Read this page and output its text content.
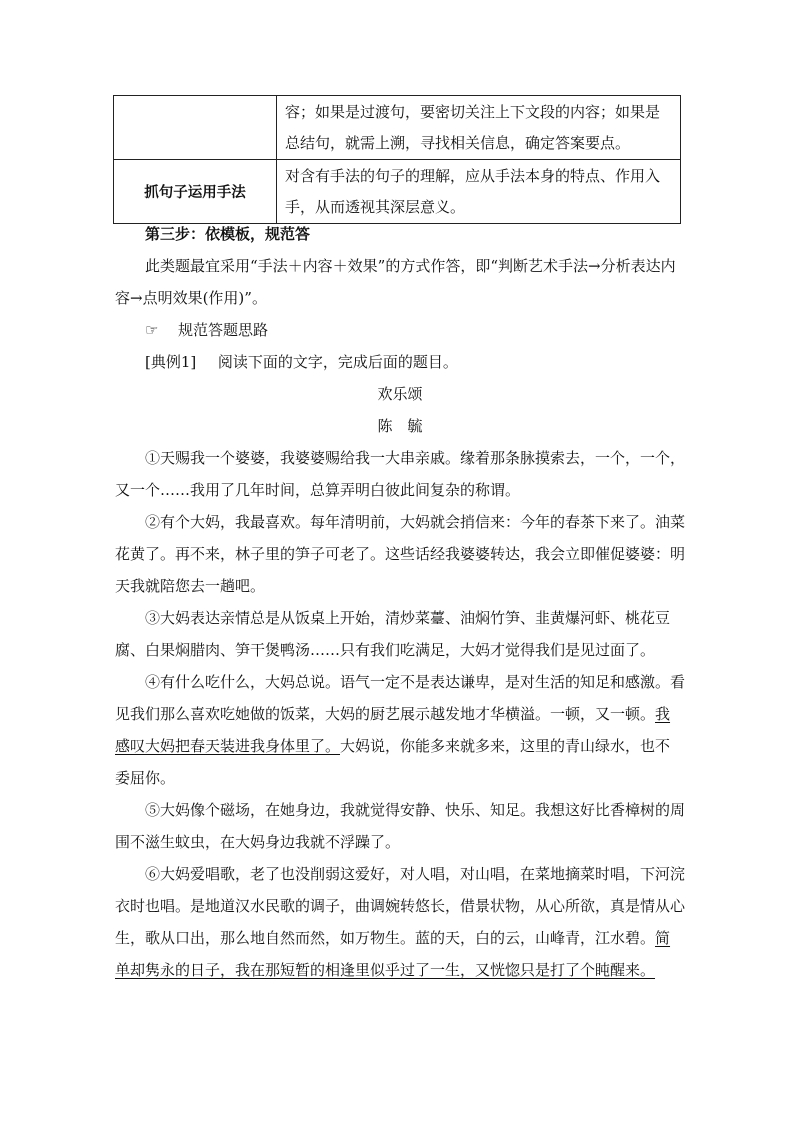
	容；如果是过渡句，要密切关注上下文段的内容；如果是总结句，就需上溯，寻找相关信息，确定答案要点。
抓句子运用手法	对含有手法的句子的理解，应从手法本身的特点、作用入手，从而透视其深层意义。
第三步：依模板，规范答
此类题最宜采用“手法＋内容＋效果”的方式作答，即“判断艺术手法→分析表达内容→点明效果(作用)”。
☞ 规范答题思路
[典例1] 阅读下面的文字，完成后面的题目。
欢乐颂
陈　毓
①天赐我一个婆婆，我婆婆赐给我一大串亲戚。缘着那条脉摸索去，一个，一个，又一个……我用了几年时间，总算弄明白彼此间复杂的称谓。
②有个大妈，我最喜欢。每年清明前，大妈就会捎信来：今年的春茶下来了。油菜花黄了。再不来，林子里的笋子可老了。这些话经我婆婆转达，我会立即催促婆婆：明天我就陪您去一趟吧。
③大妈表达亲情总是从饭桌上开始，清炒菜薹、油焖竹笋、韭黄爆河虾、桃花豆腐、白果焖腊肉、笋干煲鸭汤……只有我们吃满足，大妈才觉得我们是见过面了。
④有什么吃什么，大妈总说。语气一定不是表达谦卑，是对生活的知足和感激。看见我们那么喜欢吃她做的饭菜，大妈的厨艺展示越发地才华横溢。一顿，又一顿。我感叹大妈把春天装进我身体里了。大妈说，你能多来就多来，这里的青山绿水，也不委屈你。
⑤大妈像个磁场，在她身边，我就觉得安静、快乐、知足。我想这好比香樟树的周围不滋生蚊虫，在大妈身边我就不浮躁了。
⑥大妈爱唱歌，老了也没削弱这爱好，对人唱，对山唱，在菜地摘菜时唱，下河浣衣时也唱。是地道汉水民歌的调子，曲调婉转悠长，借景状物，从心所欲，真是情从心生，歌从口出，那么地自然而然，如万物生。蓝的天，白的云，山峰青，江水碧。简单却隽永的日子，我在那短暂的相逢里似乎过了一生，又恍惚只是打了个盹醒来。
